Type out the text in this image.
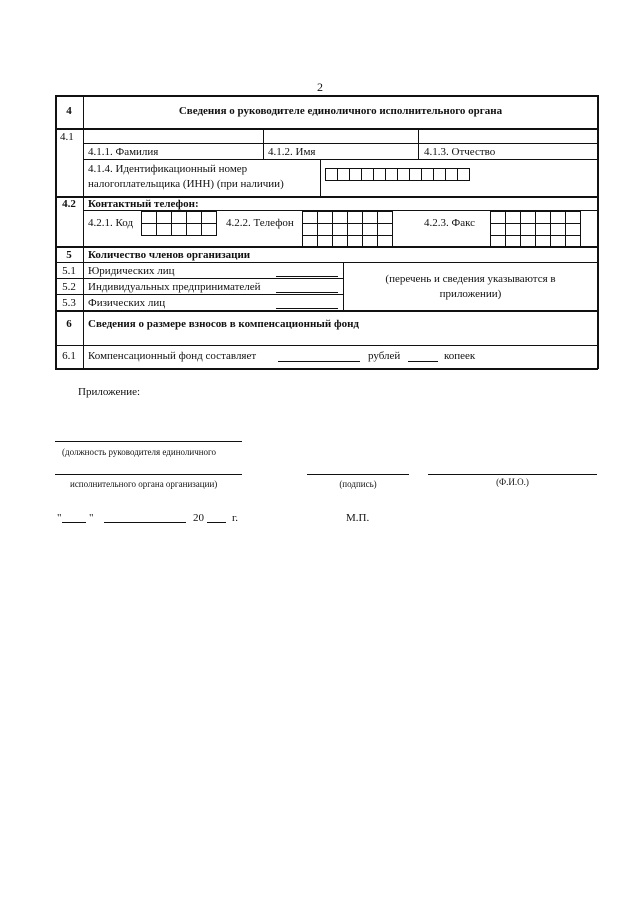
2
4	Сведения о руководителе единоличного исполнительного органа
4.1
4.1.1. Фамилия	4.1.2. Имя	4.1.3. Отчество
4.1.4. Идентификационный номер
налогоплательщика (ИНН) (при наличии)
4.2	Контактный телефон:
4.2.1. Код	4.2.2. Телефон	4.2.3. Факс
5	Количество членов организации
5.1	Юридических лиц
5.2	Индивидуальных предпринимателей
5.3	Физических лиц
(перечень и сведения указываются в
приложении)
6	Сведения о размере взносов в компенсационный фонд
6.1	Компенсационный фонд составляет	рублей	копеек
Приложение:
(должность руководителя единоличного
исполнительного органа организации)	(подпись)	(Ф.И.О.)
"	"	20	г.	М.П.
